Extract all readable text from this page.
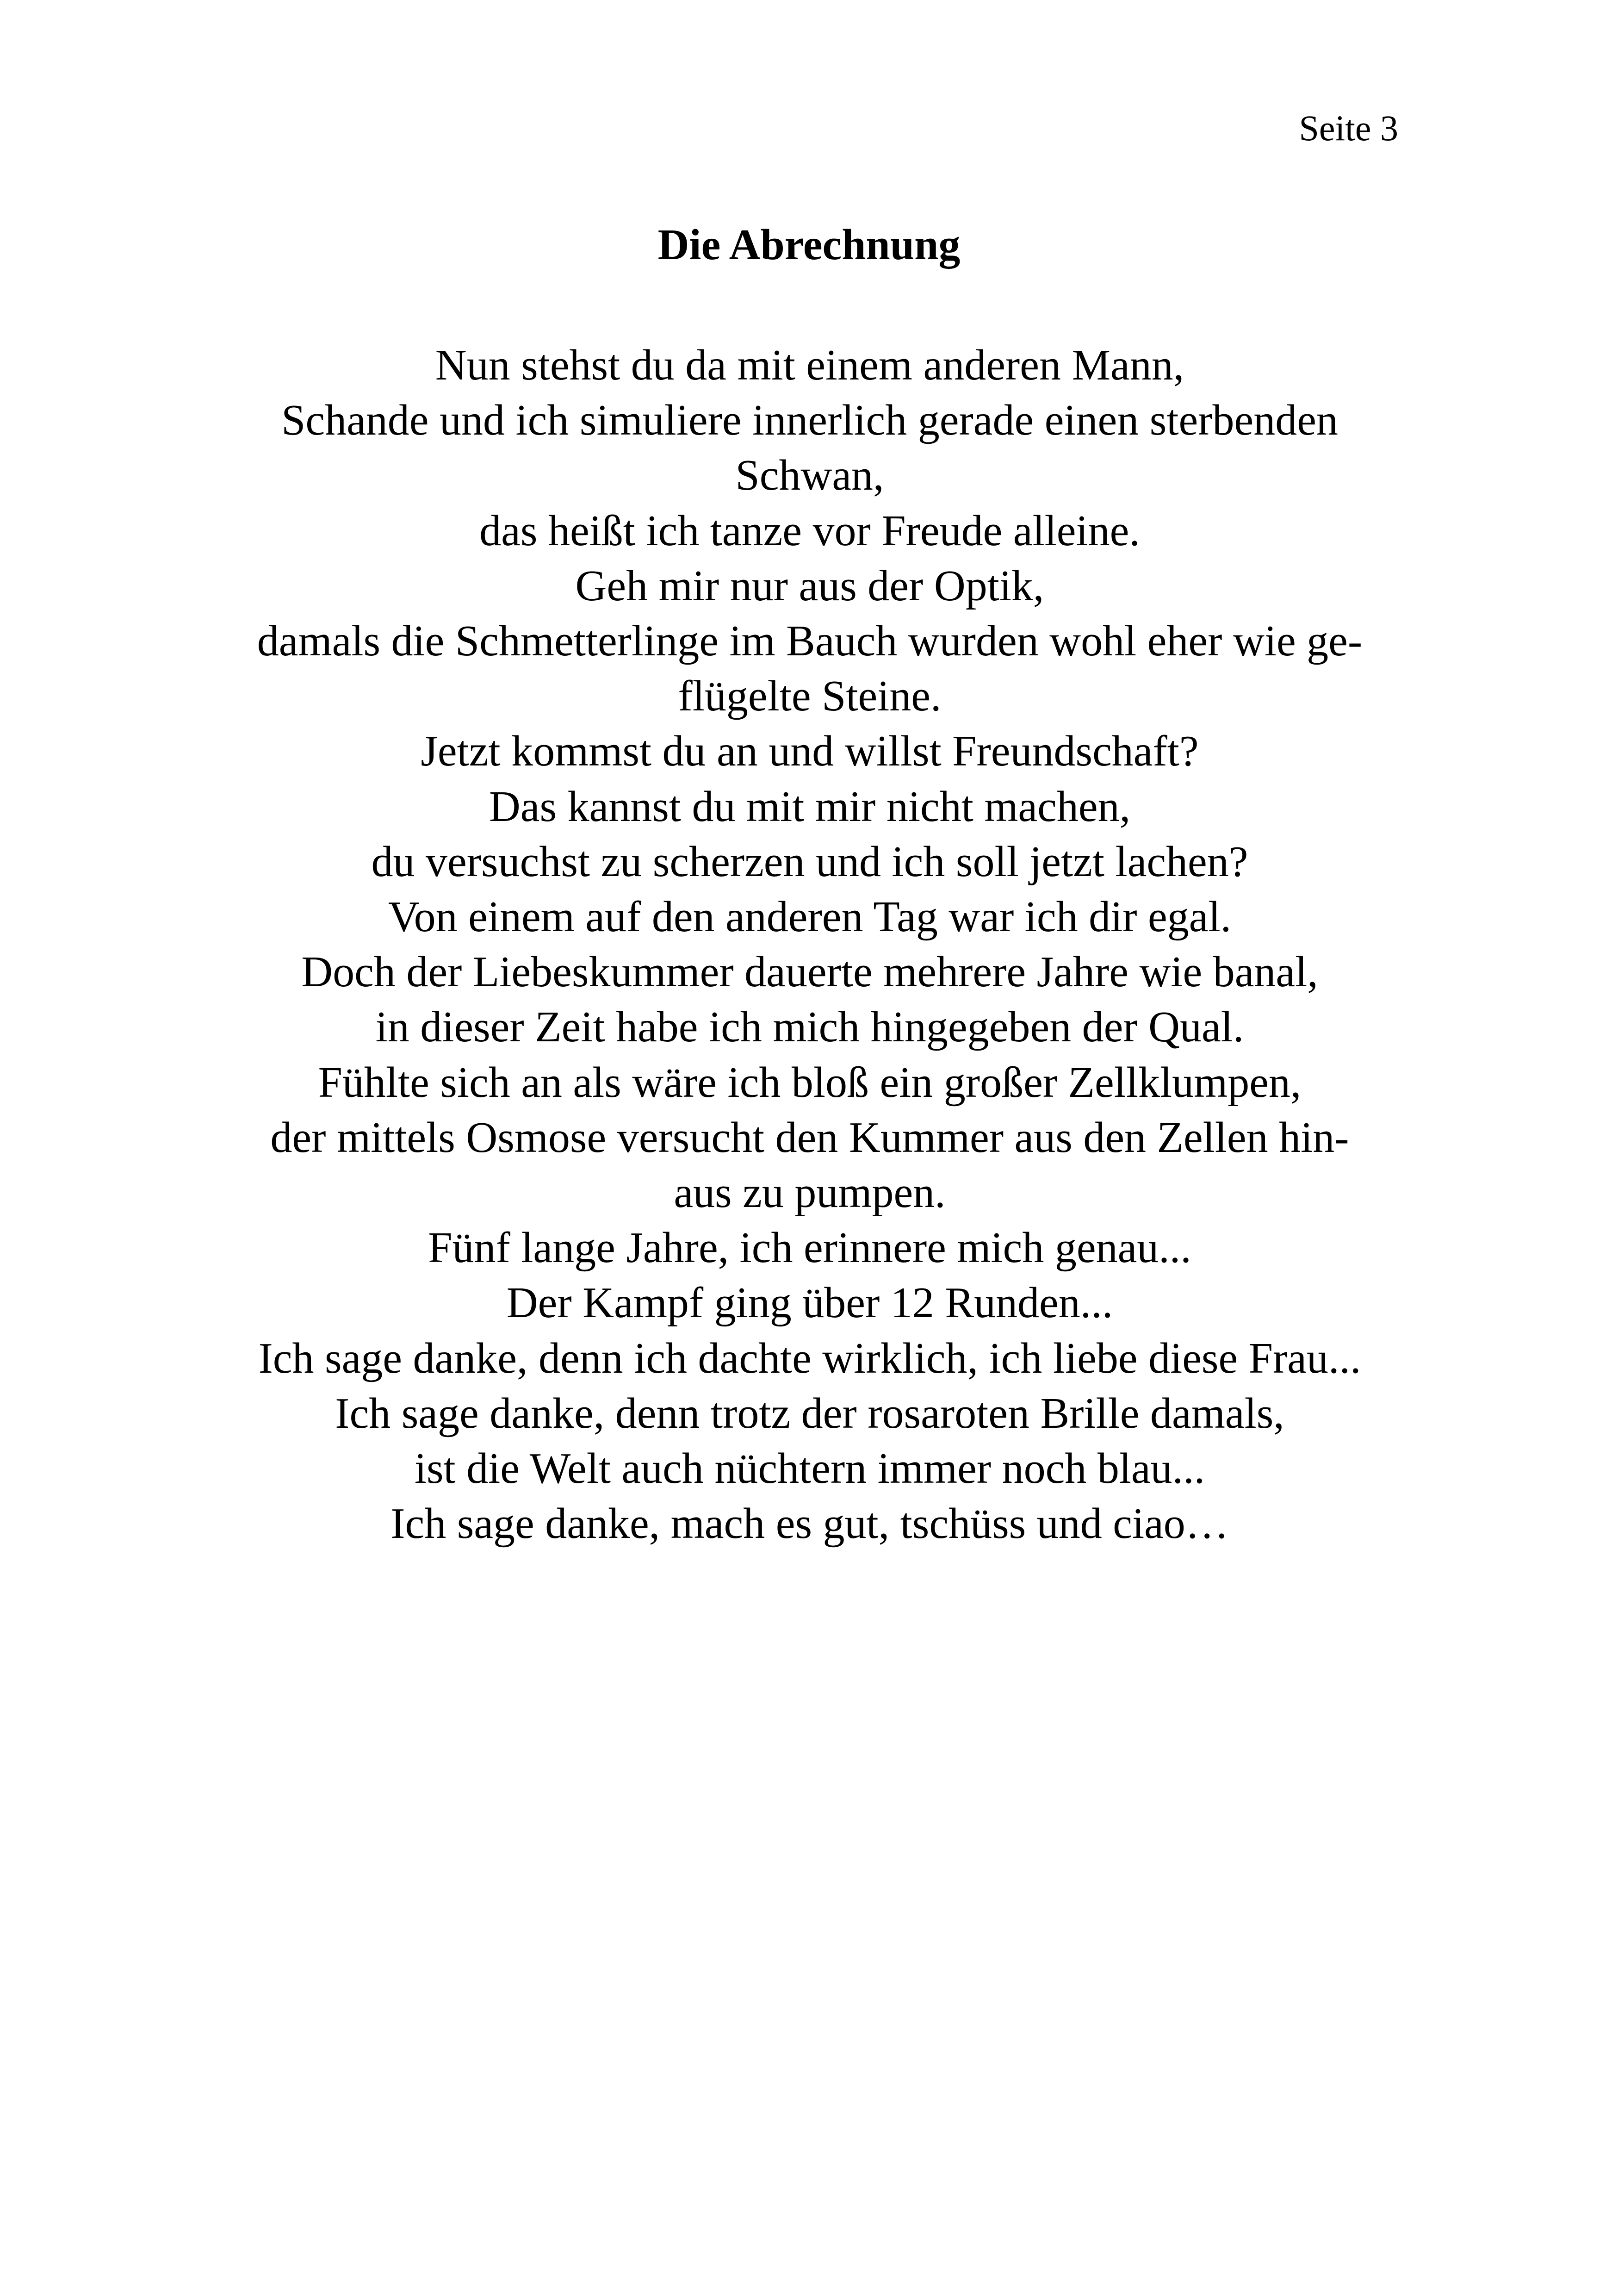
Seite 3
Die Abrechnung
Nun stehst du da mit einem anderen Mann,
Schande und ich simuliere innerlich gerade einen sterbenden
Schwan,
das heißt ich tanze vor Freude alleine.
Geh mir nur aus der Optik,
damals die Schmetterlinge im Bauch wurden wohl eher wie ge-
flügelte Steine.
Jetzt kommst du an und willst Freundschaft?
Das kannst du mit mir nicht machen,
du versuchst zu scherzen und ich soll jetzt lachen?
Von einem auf den anderen Tag war ich dir egal.
Doch der Liebeskummer dauerte mehrere Jahre wie banal,
in dieser Zeit habe ich mich hingegeben der Qual.
Fühlte sich an als wäre ich bloß ein großer Zellklumpen,
der mittels Osmose versucht den Kummer aus den Zellen hin-
aus zu pumpen.
Fünf lange Jahre, ich erinnere mich genau...
Der Kampf ging über 12 Runden...
Ich sage danke, denn ich dachte wirklich, ich liebe diese Frau...
Ich sage danke, denn trotz der rosaroten Brille damals,
ist die Welt auch nüchtern immer noch blau...
Ich sage danke, mach es gut, tschüss und ciao…
